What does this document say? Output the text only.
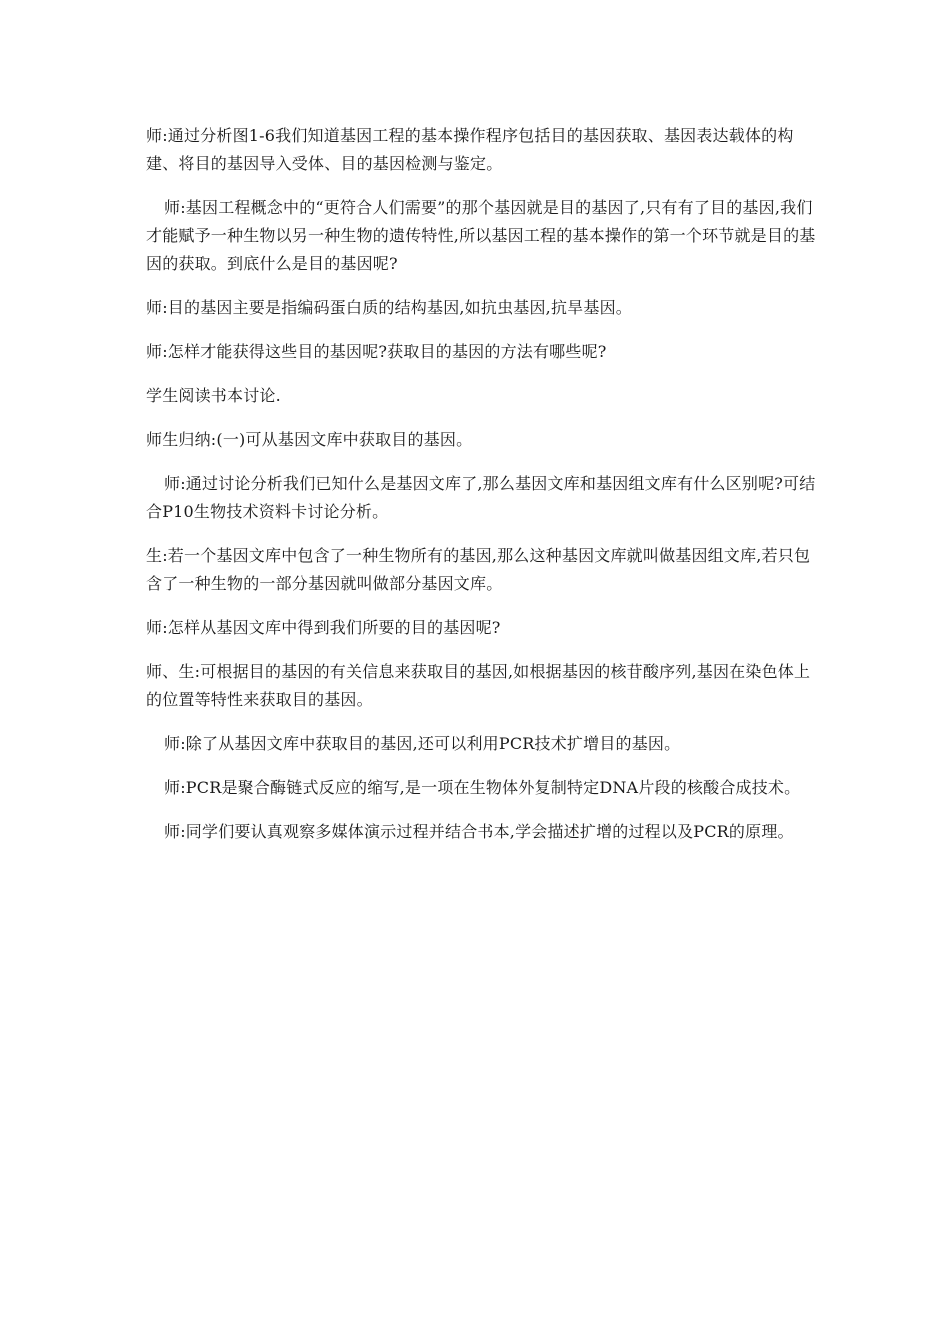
师:通过分析图1-6我们知道基因工程的基本操作程序包括目的基因获取、基因表达载体的构建、将目的基因导入受体、目的基因检测与鉴定。

师:基因工程概念中的“更符合人们需要”的那个基因就是目的基因了,只有有了目的基因,我们才能赋予一种生物以另一种生物的遗传特性,所以基因工程的基本操作的第一个环节就是目的基因的获取。到底什么是目的基因呢?

师:目的基因主要是指编码蛋白质的结构基因,如抗虫基因,抗旱基因。

师:怎样才能获得这些目的基因呢?获取目的基因的方法有哪些呢?

学生阅读书本讨论.

师生归纳:(一)可从基因文库中获取目的基因。

师:通过讨论分析我们已知什么是基因文库了,那么基因文库和基因组文库有什么区别呢?可结合P10生物技术资料卡讨论分析。

生:若一个基因文库中包含了一种生物所有的基因,那么这种基因文库就叫做基因组文库,若只包含了一种生物的一部分基因就叫做部分基因文库。

师:怎样从基因文库中得到我们所要的目的基因呢?

师、生:可根据目的基因的有关信息来获取目的基因,如根据基因的核苷酸序列,基因在染色体上的位置等特性来获取目的基因。

师:除了从基因文库中获取目的基因,还可以利用PCR技术扩增目的基因。

师:PCR是聚合酶链式反应的缩写,是一项在生物体外复制特定DNA片段的核酸合成技术。

师:同学们要认真观察多媒体演示过程并结合书本,学会描述扩增的过程以及PCR的原理。
